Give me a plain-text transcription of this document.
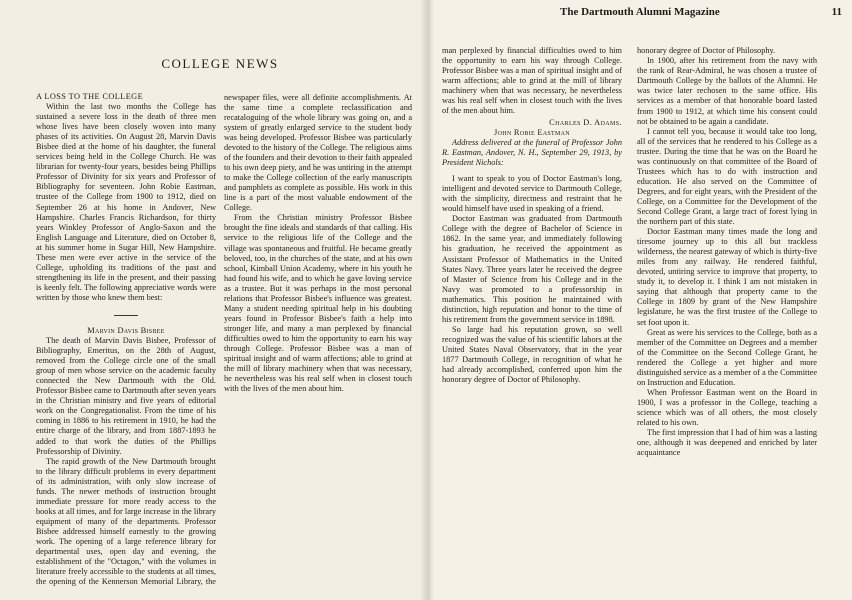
The Dartmouth Alumni Magazine	11
COLLEGE NEWS

A LOSS TO THE COLLEGE

Within the last two months the College has sustained a severe loss in the death of three men whose lives have been closely woven into many phases of its activities. On August 28, Marvin Davis Bisbee died at the home of his daughter, the funeral services being held in the College Church. He was librarian for twenty-four years, besides being Phillips Professor of Divinity for six years and Professor of Bibliography for seventeen. John Robie Eastman, trustee of the College from 1900 to 1912, died on September 26 at his home in Andover, New Hampshire. Charles Francis Richardson, for thirty years Winkley Professor of Anglo-Saxon and the English Language and Literature, died on October 8, at his summer home in Sugar Hill, New Hampshire. These men were ever active in the service of the College, upholding its traditions of the past and strengthening its life in the present, and their passing is keenly felt. The following appreciative words were written by those who knew them best:

Marvin Davis Bisbee

The death of Marvin Davis Bisbee, Professor of Bibliography, Emeritus, on the 28th of August, removed from the College circle one of the small group of men whose service on the academic faculty connected the New Dartmouth with the Old. Professor Bisbee came to Dartmouth after seven years in the Christian ministry and five years of editorial work on the Congregationalist. From the time of his coming in 1886 to his retirement in 1910, he had the entire charge of the library, and from 1887-1893 he added to that work the duties of the Phillips Professorship of Divinity.

The rapid growth of the New Dartmouth brought to the library difficult problems in every department of its administration, with only slow increase of funds. The newer methods of instruction brought immediate pressure for more ready access to the books at all times, and for large increase in the library equipment of many of the departments. Professor Bisbee addressed himself earnestly to the growing work. The opening of a large reference library for departmental uses, open day and evening, the establishment of the "Octagon," with the volumes in literature freely accessible to the students at all times, the opening of the Kennerson Memorial Library, the

newspaper files, were all definite accomplishments. At the same time a complete reclassification and recataloguing of the whole library was going on, and a system of greatly enlarged service to the student body was being developed. Professor Bisbee was particularly devoted to the history of the College. The religious aims of the founders and their devotion to their faith appealed to his own deep piety, and he was untiring in the attempt to make the College collection of the early manuscripts and pamphlets as complete as possible. His work in this line is a part of the most valuable endowment of the College.

From the Christian ministry Professor Bisbee brought the fine ideals and standards of that calling. His service to the religious life of the College and the village was spontaneous and fruitful. He became greatly beloved, too, in the churches of the state, and at his own school, Kimball Union Academy, where in his youth he had found his wife, and to which he gave loving service as a trustee. But it was perhaps in the most personal relations that Professor Bisbee's influence was greatest. Many a student needing spiritual help in his doubting years found in Professor Bisbee's faith a help into stronger life, and many a man perplexed by financial difficulties owed to him the opportunity to earn his way through College. Professor Bisbee was a man of spiritual insight and of warm affections; able to grind at the mill of library machinery when that was necessary, he nevertheless was his real self when in closest touch with the lives of the men about him.

man perplexed by financial difficulties owed to him the opportunity to earn his way through College. Professor Bisbee was a man of spiritual insight and of warm affections; able to grind at the mill of library machinery when that was necessary, he nevertheless was his real self when in closest touch with the lives of the men about him.

Charles D. Adams.

John Robie Eastman

Address delivered at the funeral of Professor John R. Eastman, Andover, N. H., September 29, 1913, by President Nichols:

I want to speak to you of Doctor Eastman's long, intelligent and devoted service to Dartmouth College, with the simplicity, directness and restraint that he would himself have used in speaking of a friend.

Doctor Eastman was graduated from Dartmouth College with the degree of Bachelor of Science in 1862. In the same year, and immediately following his graduation, he received the appointment as Assistant Professor of Mathematics in the United States Navy. Three years later he received the degree of Master of Science from his College and in the Navy was promoted to a professorship in mathematics. This position he maintained with distinction, high reputation and honor to the time of his retirement from the government service in 1898.

So large had his reputation grown, so well recognized was the value of his scientific labors at the United States Naval Observatory, that in the year 1877 Dartmouth College, in recognition of what he had already accomplished, conferred upon him the honorary degree of Doctor of Philosophy.

honorary degree of Doctor of Philosophy.

In 1900, after his retirement from the navy with the rank of Rear-Admiral, he was chosen a trustee of Dartmouth College by the ballots of the Alumni. He was twice later rechosen to the same office. His services as a member of that honorable board lasted from 1900 to 1912, at which time his consent could not be obtained to be again a candidate.

I cannot tell you, because it would take too long, all of the services that he rendered to his College as a trustee. During the time that he was on the Board he was continuously on that committee of the Board of Trustees which has to do with instruction and education. He also served on the Committee of Degrees, and for eight years, with the President of the College, on a Committee for the Development of the Second College Grant, a large tract of forest lying in the northern part of this state.

Doctor Eastman many times made the long and tiresome journey up to this all but trackless wilderness, the nearest gateway of which is thirty-five miles from any railway. He rendered faithful, devoted, untiring service to improve that property, to study it, to develop it. I think I am not mistaken in saying that although that property came to the College in 1809 by grant of the New Hampshire legislature, he was the first trustee of the College to set foot upon it.

Great as were his services to the College, both as a member of the Committee on Degrees and a member of the Committee on the Second College Grant, he rendered the College a yet higher and more distinguished service as a member of a the Committee on Instruction and Education.

When Professor Eastman went on the Board in 1900, I was a professor in the College, teaching a science which was of all others, the most closely related to his own.

The first impression that I had of him was a lasting one, although it was deepened and enriched by later acquaintance
